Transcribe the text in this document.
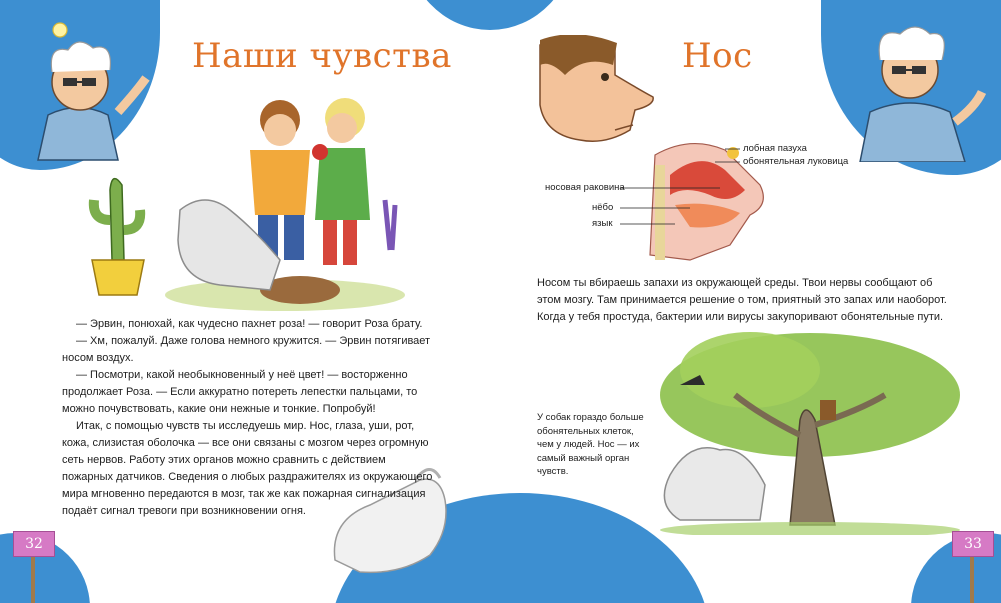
Наши чувства	Нос
лобная пазуха
обонятельная луковица
носовая раковина
нёбо
язык

— Эрвин, понюхай, как чудесно пахнет роза! — говорит Роза брату.

— Хм, пожалуй. Даже голова немного кружится. — Эрвин потягивает носом воздух.

— Посмотри, какой необыкновенный у неё цвет! — восторженно продолжает Роза. — Если аккуратно потереть лепестки пальцами, то можно почувствовать, какие они нежные и тонкие. Попробуй!

Итак, с помощью чувств ты исследуешь мир. Нос, глаза, уши, рот, кожа, слизистая оболочка — все они связаны с мозгом через огромную сеть нервов. Работу этих органов можно сравнить с действием пожарных датчиков. Сведения о любых раздражителях из окружающего мира мгновенно передаются в мозг, так же как пожарная сигнализация подаёт сигнал тревоги при возникновении огня.

Носом ты вбираешь запахи из окружающей среды. Твои нервы сообщают об этом мозгу. Там принимается решение о том, приятный это запах или наоборот. Когда у тебя простуда, бактерии или вирусы закупоривают обонятельные пути.

У собак гораздо больше обонятельных клеток, чем у людей. Нос — их самый важный орган чувств.

32	33
